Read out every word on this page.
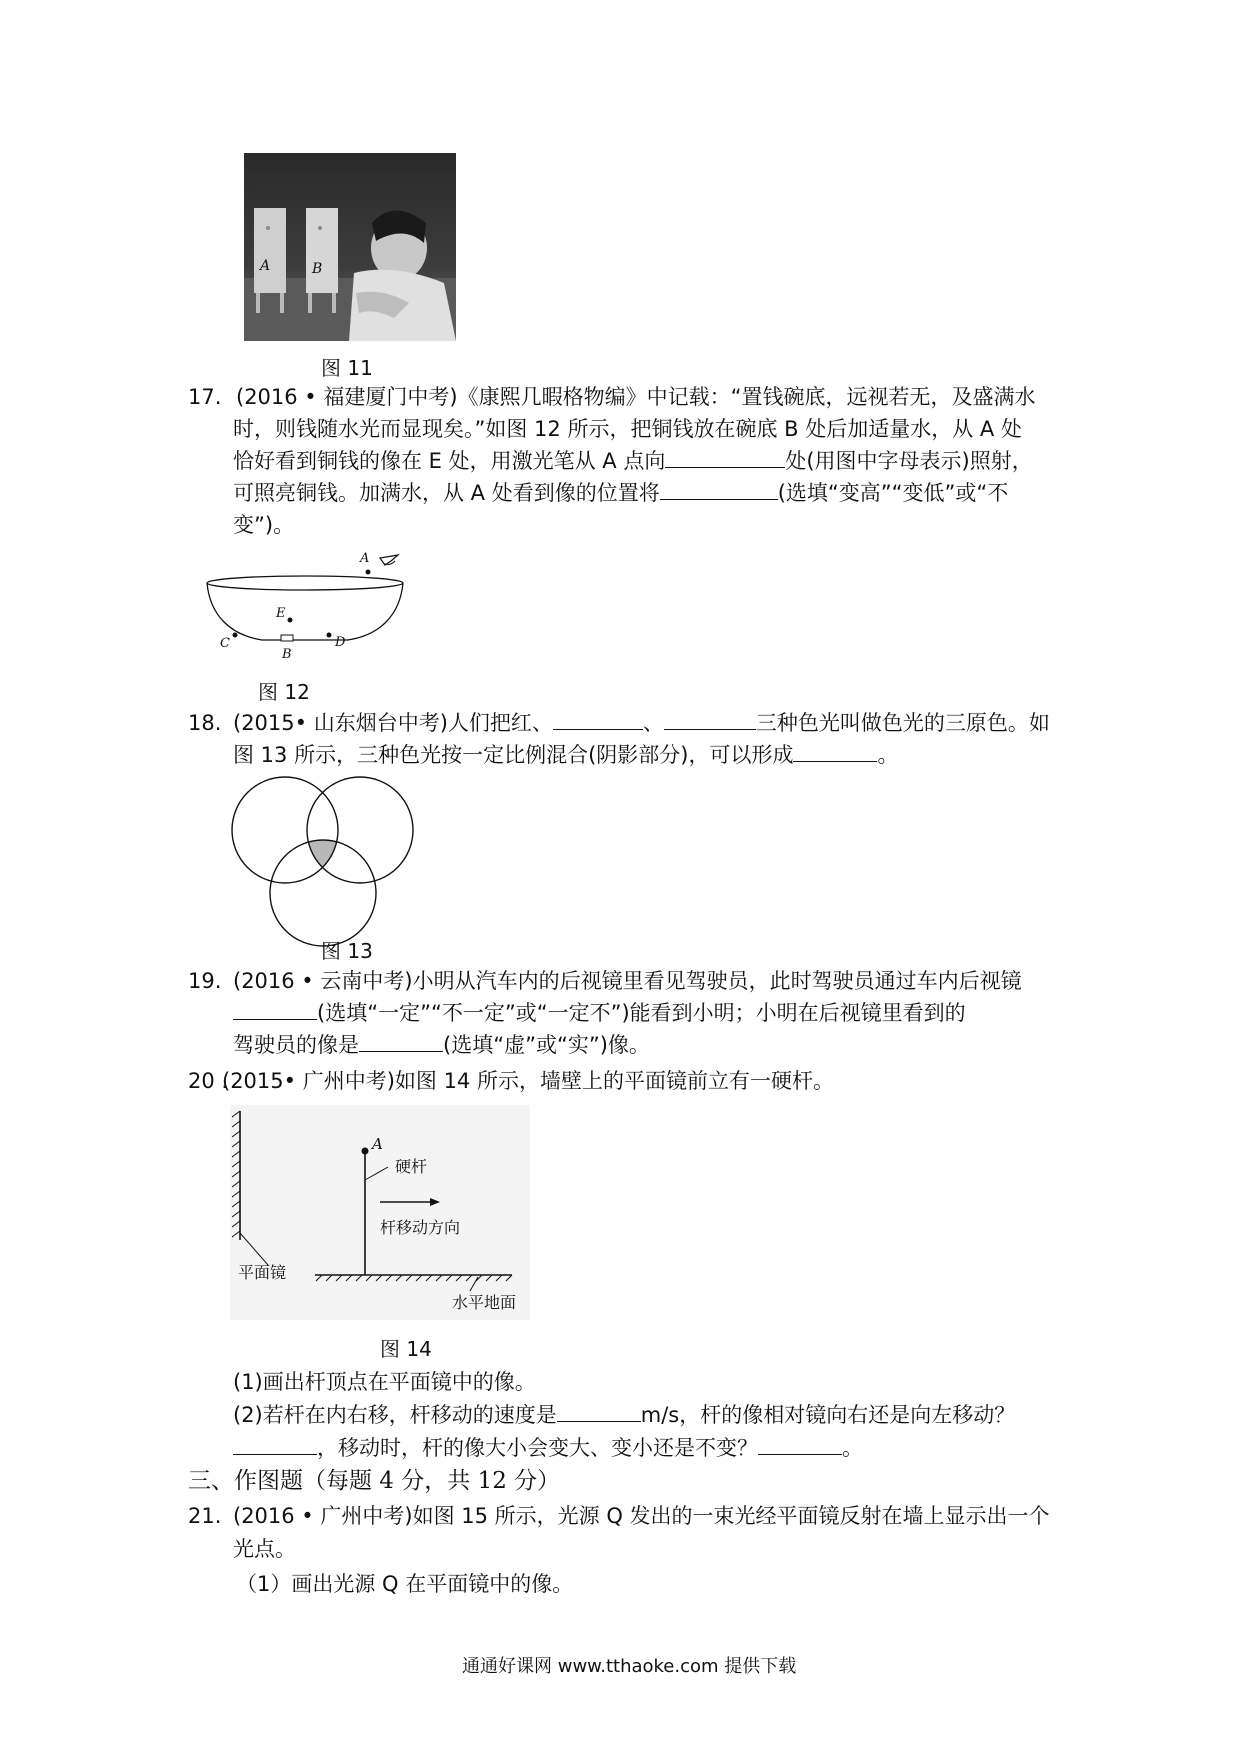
A	B
图 11
17. (2016 • 福建厦门中考)《康熙几暇格物编》中记载：“置钱碗底，远视若无，及盛满水
时，则钱随水光而显现矣。”如图 12 所示，把铜钱放在碗底 B 处后加适量水，从 A 处
恰好看到铜钱的像在 E 处，用激光笔从 A 点向	处(用图中字母表示)照射，
可照亮铜钱。加满水，从 A 处看到像的位置将	(选填“变高”“变低”或“不
变”)。
A
E
C
B
D
图 12
18. (2015• 山东烟台中考)人们把红、	、	三种色光叫做色光的三原色。如
图 13 所示，三种色光按一定比例混合(阴影部分)，可以形成	。
图 13
19. (2016 • 云南中考)小明从汽车内的后视镜里看见驾驶员，此时驾驶员通过车内后视镜
(选填“一定”“不一定”或“一定不”)能看到小明；小明在后视镜里看到的
驾驶员的像是	(选填“虚”或“实”)像。
20 .
(2015• 广州中考)如图 14 所示，墙壁上的平面镜前立有一硬杆。
A
硬杆
杆移动方向
平面镜
水平地面
图 14
(1)画出杆顶点在平面镜中的像。
(2)若杆在内右移，杆移动的速度是	m/s，杆的像相对镜向右还是向左移动？
，移动时，杆的像大小会变大、变小还是不变？	。
三、作图题（每题 4 分，共 12 分）
21. (2016 • 广州中考)如图 15 所示，光源 Q 发出的一束光经平面镜反射在墙上显示出一个
光点。
（1）画出光源 Q 在平面镜中的像。
通通好课网 www.tthaoke.com 提供下载
